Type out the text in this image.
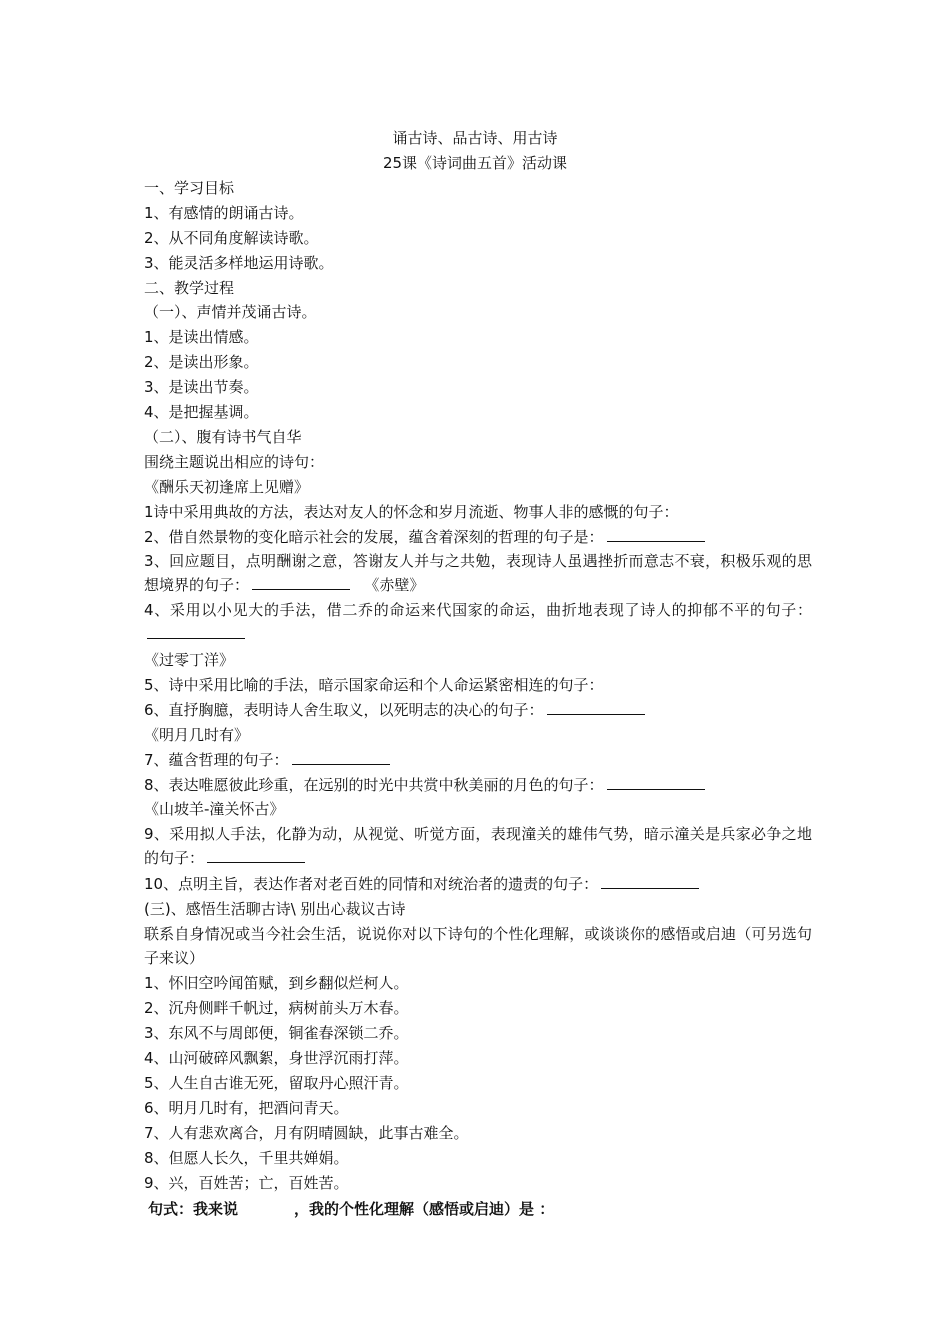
诵古诗、品古诗、用古诗
25课《诗词曲五首》活动课
一、学习目标
1、有感情的朗诵古诗。
2、从不同角度解读诗歌。
3、能灵活多样地运用诗歌。
二、教学过程
（一）、声情并茂诵古诗。
1、是读出情感。
2、是读出形象。
3、是读出节奏。
4、是把握基调。
（二）、腹有诗书气自华
围绕主题说出相应的诗句：
《酬乐天初逢席上见赠》
1诗中采用典故的方法，表达对友人的怀念和岁月流逝、物事人非的感慨的句子：
2、借自然景物的变化暗示社会的发展，蕴含着深刻的哲理的句子是：
3、回应题目，点明酬谢之意，答谢友人并与之共勉，表现诗人虽遇挫折而意志不衰，积极乐观的思想境界的句子：	《赤壁》
4、采用以小见大的手法，借二乔的命运来代国家的命运，曲折地表现了诗人的抑郁不平的句子：
《过零丁洋》
5、诗中采用比喻的手法，暗示国家命运和个人命运紧密相连的句子：
6、直抒胸臆，表明诗人舍生取义，以死明志的决心的句子：
《明月几时有》
7、蕴含哲理的句子：
8、表达唯愿彼此珍重，在远别的时光中共赏中秋美丽的月色的句子：
《山坡羊-潼关怀古》
9、采用拟人手法，化静为动，从视觉、听觉方面，表现潼关的雄伟气势，暗示潼关是兵家必争之地的句子：
10、点明主旨，表达作者对老百姓的同情和对统治者的遗责的句子：
(三)、感悟生活聊古诗\ 别出心裁议古诗
联系自身情况或当今社会生活，说说你对以下诗句的个性化理解，或谈谈你的感悟或启迪（可另选句子来议）
1、怀旧空吟闻笛赋，到乡翻似烂柯人。
2、沉舟侧畔千帆过，病树前头万木春。
3、东风不与周郎便，铜雀春深锁二乔。
4、山河破碎风飘絮，身世浮沉雨打萍。
5、人生自古谁无死，留取丹心照汗青。
6、明月几时有，把酒问青天。
7、人有悲欢离合，月有阴晴圆缺，此事古难全。
8、但愿人长久，千里共婵娟。
9、兴，百姓苦；亡，百姓苦。
句式：我来说	，我的个性化理解（感悟或启迪）是 ：
